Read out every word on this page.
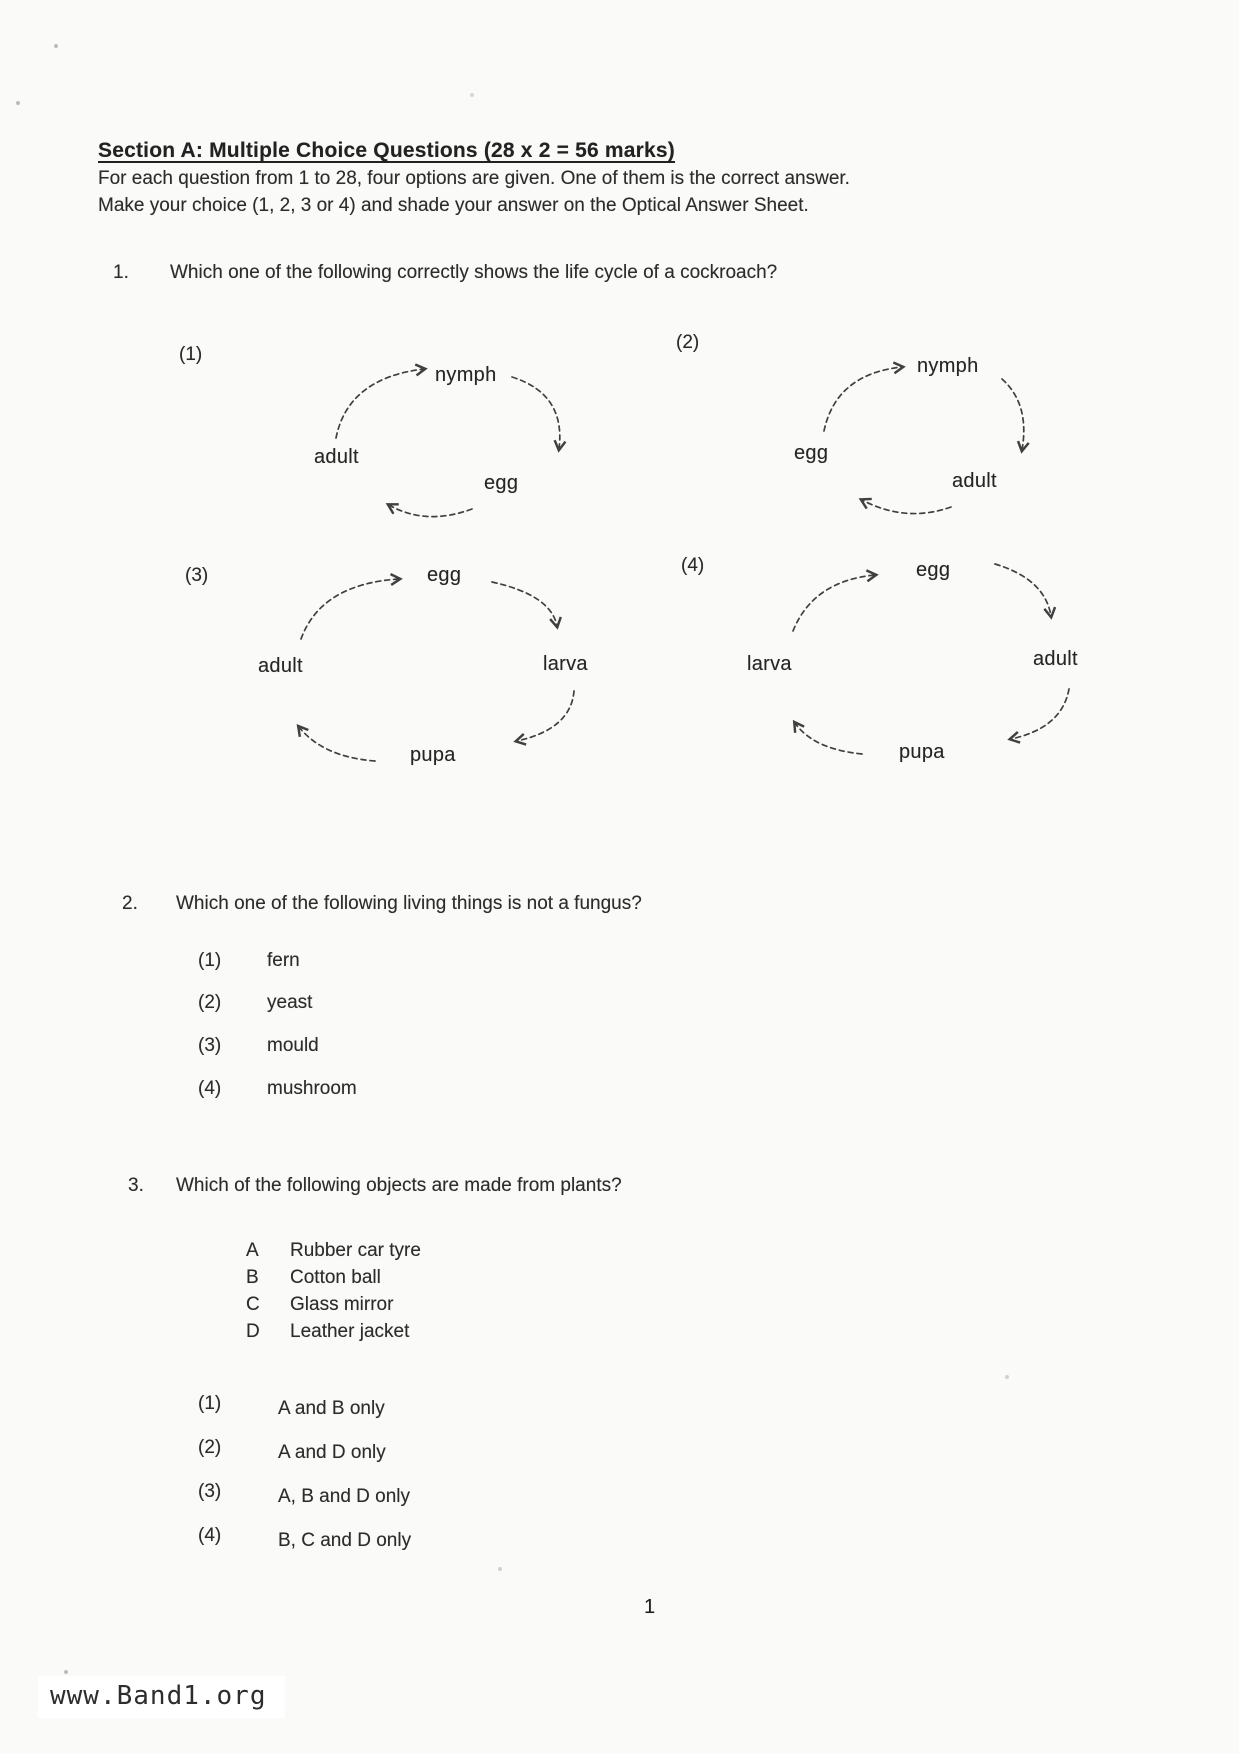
Section A: Multiple Choice Questions (28 x 2 = 56 marks)

For each question from 1 to 28, four options are given. One of them is the correct answer.

Make your choice (1, 2, 3 or 4) and shade your answer on the Optical Answer Sheet.

1. Which one of the following correctly shows the life cycle of a cockroach?
(1)
nymph
adult
egg
(2)
nymph
egg
adult
(3)	egg
adult	larva
pupa
(4)	egg
larva	adult
pupa
2. Which one of the following living things is not a fungus?
(1) fern
(2) yeast
(3) mould
(4) mushroom
3. Which of the following objects are made from plants?
A Rubber car tyre
B Cotton ball
C Glass mirror
D Leather jacket
(1)	A and B only
(2)	A and D only
(3)	A, B and D only
(4)	B, C and D only
1
www.Band1.org
